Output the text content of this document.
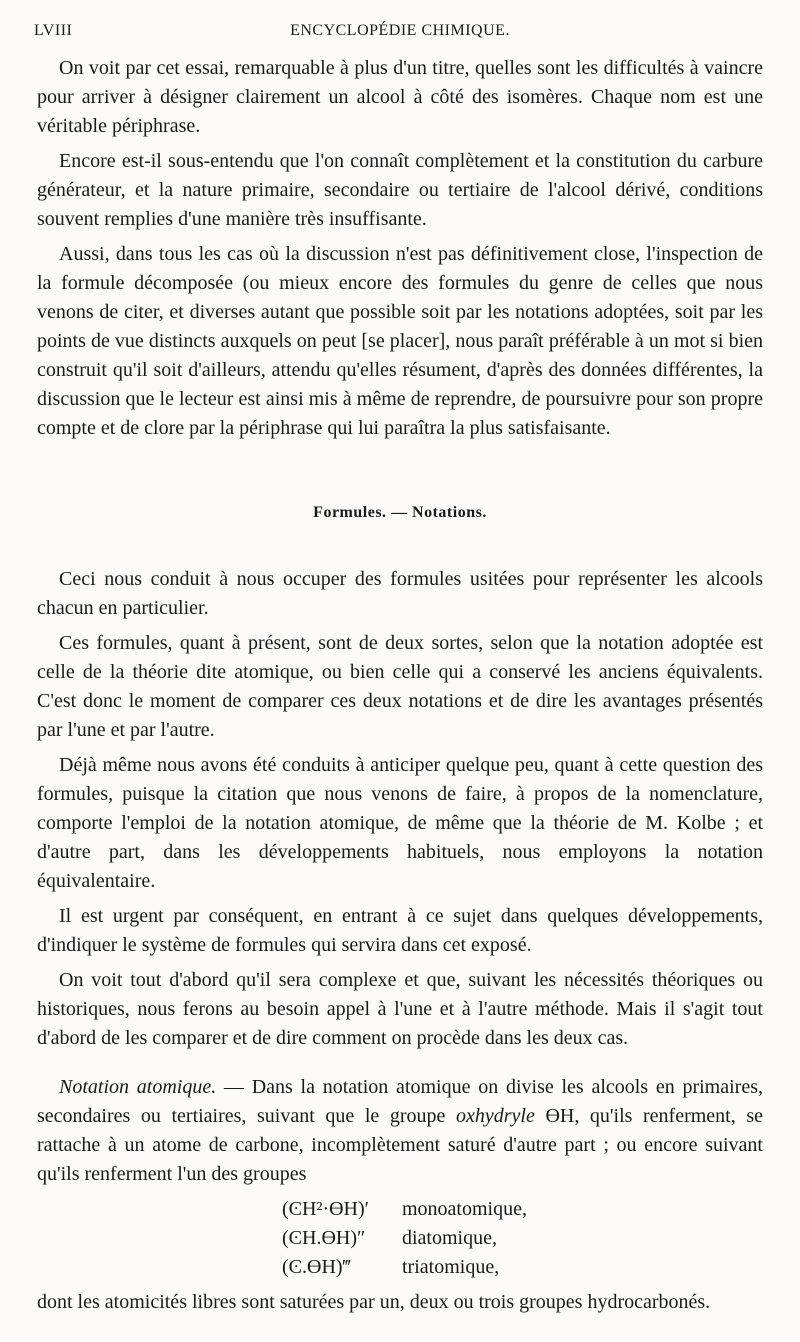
LVIII	ENCYCLOPÉDIE CHIMIQUE.

On voit par cet essai, remarquable à plus d'un titre, quelles sont les difficultés à vaincre pour arriver à désigner clairement un alcool à côté des isomères. Chaque nom est une véritable périphrase.

Encore est-il sous-entendu que l'on connaît complètement et la constitution du carbure générateur, et la nature primaire, secondaire ou tertiaire de l'alcool dérivé, conditions souvent remplies d'une manière très insuffisante.

Aussi, dans tous les cas où la discussion n'est pas définitivement close, l'inspection de la formule décomposée (ou mieux encore des formules du genre de celles que nous venons de citer, et diverses autant que possible soit par les notations adoptées, soit par les points de vue distincts auxquels on peut [se placer], nous paraît préférable à un mot si bien construit qu'il soit d'ailleurs, attendu qu'elles résument, d'après des données différentes, la discussion que le lecteur est ainsi mis à même de reprendre, de poursuivre pour son propre compte et de clore par la périphrase qui lui paraîtra la plus satisfaisante.

Formules. — Notations.

Ceci nous conduit à nous occuper des formules usitées pour représenter les alcools chacun en particulier.

Ces formules, quant à présent, sont de deux sortes, selon que la notation adoptée est celle de la théorie dite atomique, ou bien celle qui a conservé les anciens équivalents. C'est donc le moment de comparer ces deux notations et de dire les avantages présentés par l'une et par l'autre.

Déjà même nous avons été conduits à anticiper quelque peu, quant à cette question des formules, puisque la citation que nous venons de faire, à propos de la nomenclature, comporte l'emploi de la notation atomique, de même que la théorie de M. Kolbe ; et d'autre part, dans les développements habituels, nous employons la notation équivalentaire.

Il est urgent par conséquent, en entrant à ce sujet dans quelques développements, d'indiquer le système de formules qui servira dans cet exposé.

On voit tout d'abord qu'il sera complexe et que, suivant les nécessités théoriques ou historiques, nous ferons au besoin appel à l'une et à l'autre méthode. Mais il s'agit tout d'abord de les comparer et de dire comment on procède dans les deux cas.

Notation atomique. — Dans la notation atomique on divise les alcools en primaires, secondaires ou tertiaires, suivant que le groupe oxhydryle ϴH, qu'ils renferment, se rattache à un atome de carbone, incomplètement saturé d'autre part ; ou encore suivant qu'ils renferment l'un des groupes

(ϾH²·ϴH)′	monoatomique,
(ϾH.ϴH)″	diatomique,
(Ͼ.ϴH)‴	triatomique,

dont les atomicités libres sont saturées par un, deux ou trois groupes hydrocarbonés.
